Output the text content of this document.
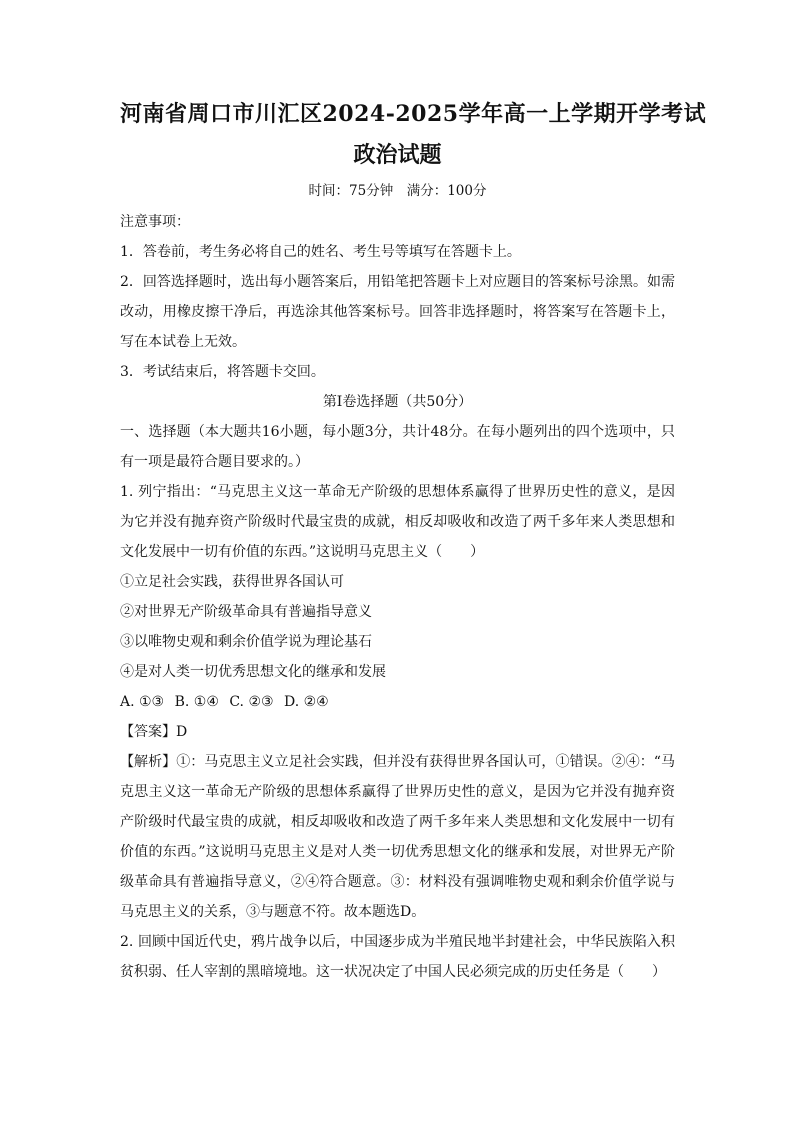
河南省周口市川汇区2024-2025学年高一上学期开学考试
政治试题
时间：75分钟　满分：100分

注意事项：

1．答卷前，考生务必将自己的姓名、考生号等填写在答题卡上。

2．回答选择题时，选出每小题答案后，用铅笔把答题卡上对应题目的答案标号涂黑。如需改动，用橡皮擦干净后，再选涂其他答案标号。回答非选择题时，将答案写在答题卡上，写在本试卷上无效。

3．考试结束后，将答题卡交回。

第Ⅰ卷选择题（共50分）

一、选择题（本大题共16小题，每小题3分，共计48分。在每小题列出的四个选项中，只有一项是最符合题目要求的。）

1. 列宁指出：“马克思主义这一革命无产阶级的思想体系赢得了世界历史性的意义，是因为它并没有抛弃资产阶级时代最宝贵的成就，相反却吸收和改造了两千多年来人类思想和文化发展中一切有价值的东西。”这说明马克思主义（　　）

①立足社会实践，获得世界各国认可

②对世界无产阶级革命具有普遍指导意义

③以唯物史观和剩余价值学说为理论基石

④是对人类一切优秀思想文化的继承和发展

A. ①③ B. ①④ C. ②③ D. ②④

【答案】D

【解析】①：马克思主义立足社会实践，但并没有获得世界各国认可，①错误。②④：“马克思主义这一革命无产阶级的思想体系赢得了世界历史性的意义，是因为它并没有抛弃资产阶级时代最宝贵的成就，相反却吸收和改造了两千多年来人类思想和文化发展中一切有价值的东西。”这说明马克思主义是对人类一切优秀思想文化的继承和发展，对世界无产阶级革命具有普遍指导意义，②④符合题意。③：材料没有强调唯物史观和剩余价值学说与马克思主义的关系，③与题意不符。故本题选D。

2. 回顾中国近代史，鸦片战争以后，中国逐步成为半殖民地半封建社会，中华民族陷入积贫积弱、任人宰割的黑暗境地。这一状况决定了中国人民必须完成的历史任务是（　　）
